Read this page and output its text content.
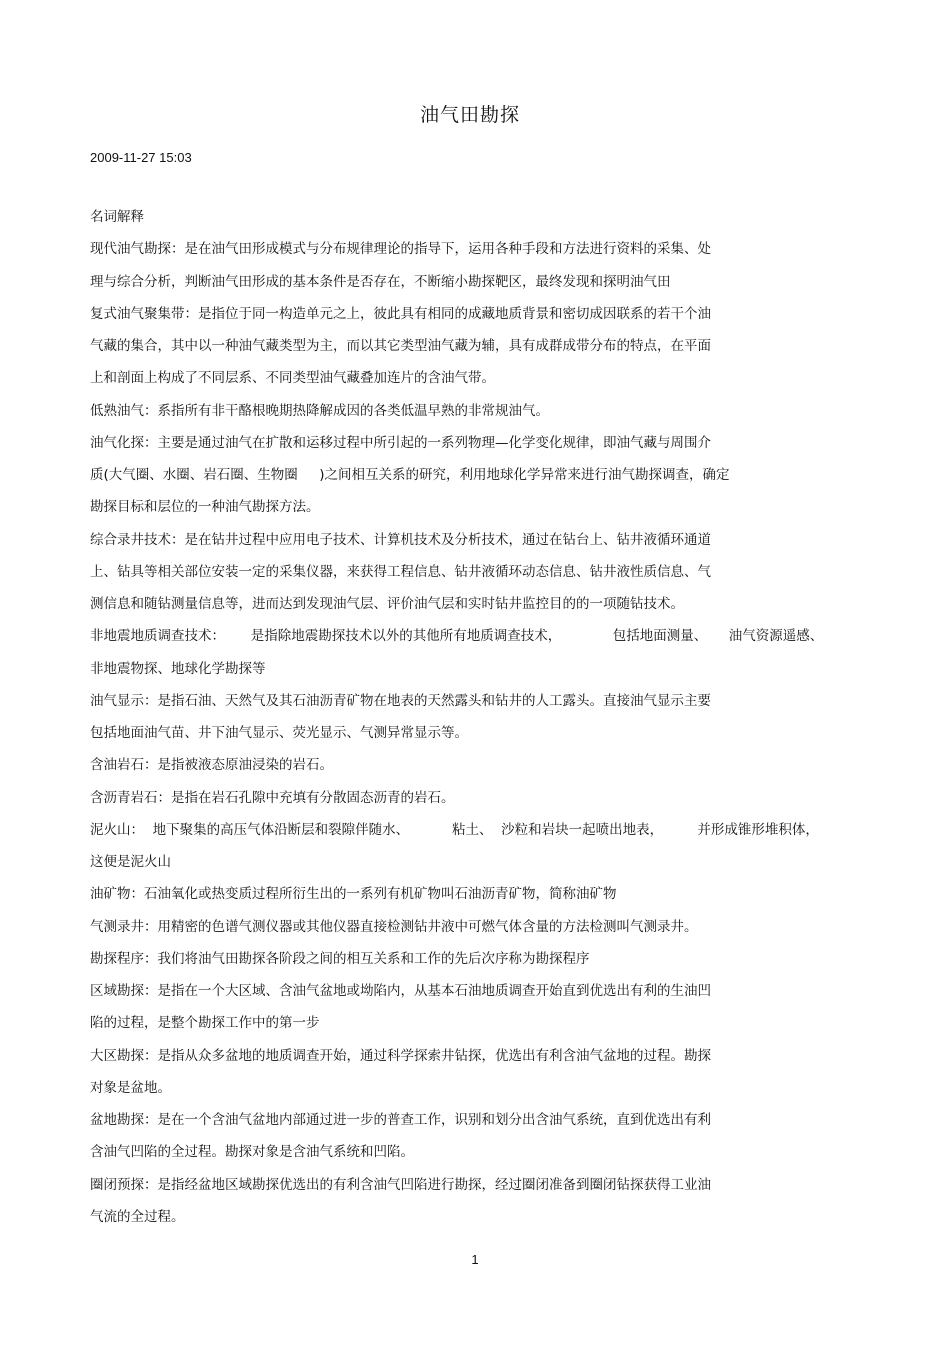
油气田勘探
2009-11-27 15:03
名词解释
现代油气勘探：是在油气田形成模式与分布规律理论的指导下，运用各种手段和方法进行资料的采集、处
理与综合分析，判断油气田形成的基本条件是否存在，不断缩小勘探靶区，最终发现和探明油气田
复式油气聚集带：是指位于同一构造单元之上，彼此具有相同的成藏地质背景和密切成因联系的若干个油
气藏的集合，其中以一种油气藏类型为主，而以其它类型油气藏为辅，具有成群成带分布的特点，在平面
上和剖面上构成了不同层系、不同类型油气藏叠加连片的含油气带。
低熟油气：系指所有非干酪根晚期热降解成因的各类低温早熟的非常规油气。
油气化探：主要是通过油气在扩散和运移过程中所引起的一系列物理—化学变化规律，即油气藏与周围介
质(大气圈、水圈、岩石圈、生物圈     )之间相互关系的研究，利用地球化学异常来进行油气勘探调查，确定
勘探目标和层位的一种油气勘探方法。
综合录井技术：是在钻井过程中应用电子技术、计算机技术及分析技术，通过在钻台上、钻井液循环通道
上、钻具等相关部位安装一定的采集仪器，来获得工程信息、钻井液循环动态信息、钻井液性质信息、气
测信息和随钻测量信息等，进而达到发现油气层、评价油气层和实时钻井监控目的的一项随钻技术。
非地震地质调查技术：      是指除地震勘探技术以外的其他所有地质调查技术，            包括地面测量、     油气资源遥感、
非地震物探、地球化学勘探等
油气显示：是指石油、天然气及其石油沥青矿物在地表的天然露头和钻井的人工露头。直接油气显示主要
包括地面油气苗、井下油气显示、荧光显示、气测异常显示等。
含油岩石：是指被液态原油浸染的岩石。
含沥青岩石：是指在岩石孔隙中充填有分散固态沥青的岩石。
泥火山：  地下聚集的高压气体沿断层和裂隙伴随水、          粘土、  沙粒和岩块一起喷出地表，        并形成锥形堆积体，
这便是泥火山
油矿物：石油氧化或热变质过程所衍生出的一系列有机矿物叫石油沥青矿物，简称油矿物
气测录井：用精密的色谱气测仪器或其他仪器直接检测钻井液中可燃气体含量的方法检测叫气测录井。
勘探程序：我们将油气田勘探各阶段之间的相互关系和工作的先后次序称为勘探程序
区域勘探：是指在一个大区域、含油气盆地或坳陷内，从基本石油地质调查开始直到优选出有利的生油凹
陷的过程，是整个勘探工作中的第一步
大区勘探：是指从众多盆地的地质调查开始，通过科学探索井钻探，优选出有利含油气盆地的过程。勘探
对象是盆地。
盆地勘探：是在一个含油气盆地内部通过进一步的普查工作，识别和划分出含油气系统，直到优选出有利
含油气凹陷的全过程。勘探对象是含油气系统和凹陷。
圈闭预探：是指经盆地区域勘探优选出的有利含油气凹陷进行勘探，经过圈闭准备到圈闭钻探获得工业油
气流的全过程。
1
